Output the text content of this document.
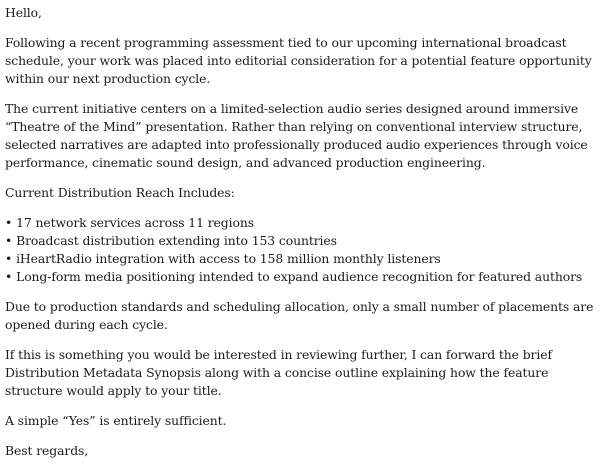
Hello,

Following a recent programming assessment tied to our upcoming international broadcast schedule, your work was placed into editorial consideration for a potential feature opportunity within our next production cycle.

The current initiative centers on a limited-selection audio series designed around immersive “Theatre of the Mind” presentation. Rather than relying on conventional interview structure, selected narratives are adapted into professionally produced audio experiences through voice performance, cinematic sound design, and advanced production engineering.

Current Distribution Reach Includes:

• 17 network services across 11 regions
• Broadcast distribution extending into 153 countries
• iHeartRadio integration with access to 158 million monthly listeners
• Long-form media positioning intended to expand audience recognition for featured authors

Due to production standards and scheduling allocation, only a small number of placements are opened during each cycle.

If this is something you would be interested in reviewing further, I can forward the brief Distribution Metadata Synopsis along with a concise outline explaining how the feature structure would apply to your title.

A simple “Yes” is entirely sufficient.

Best regards,
